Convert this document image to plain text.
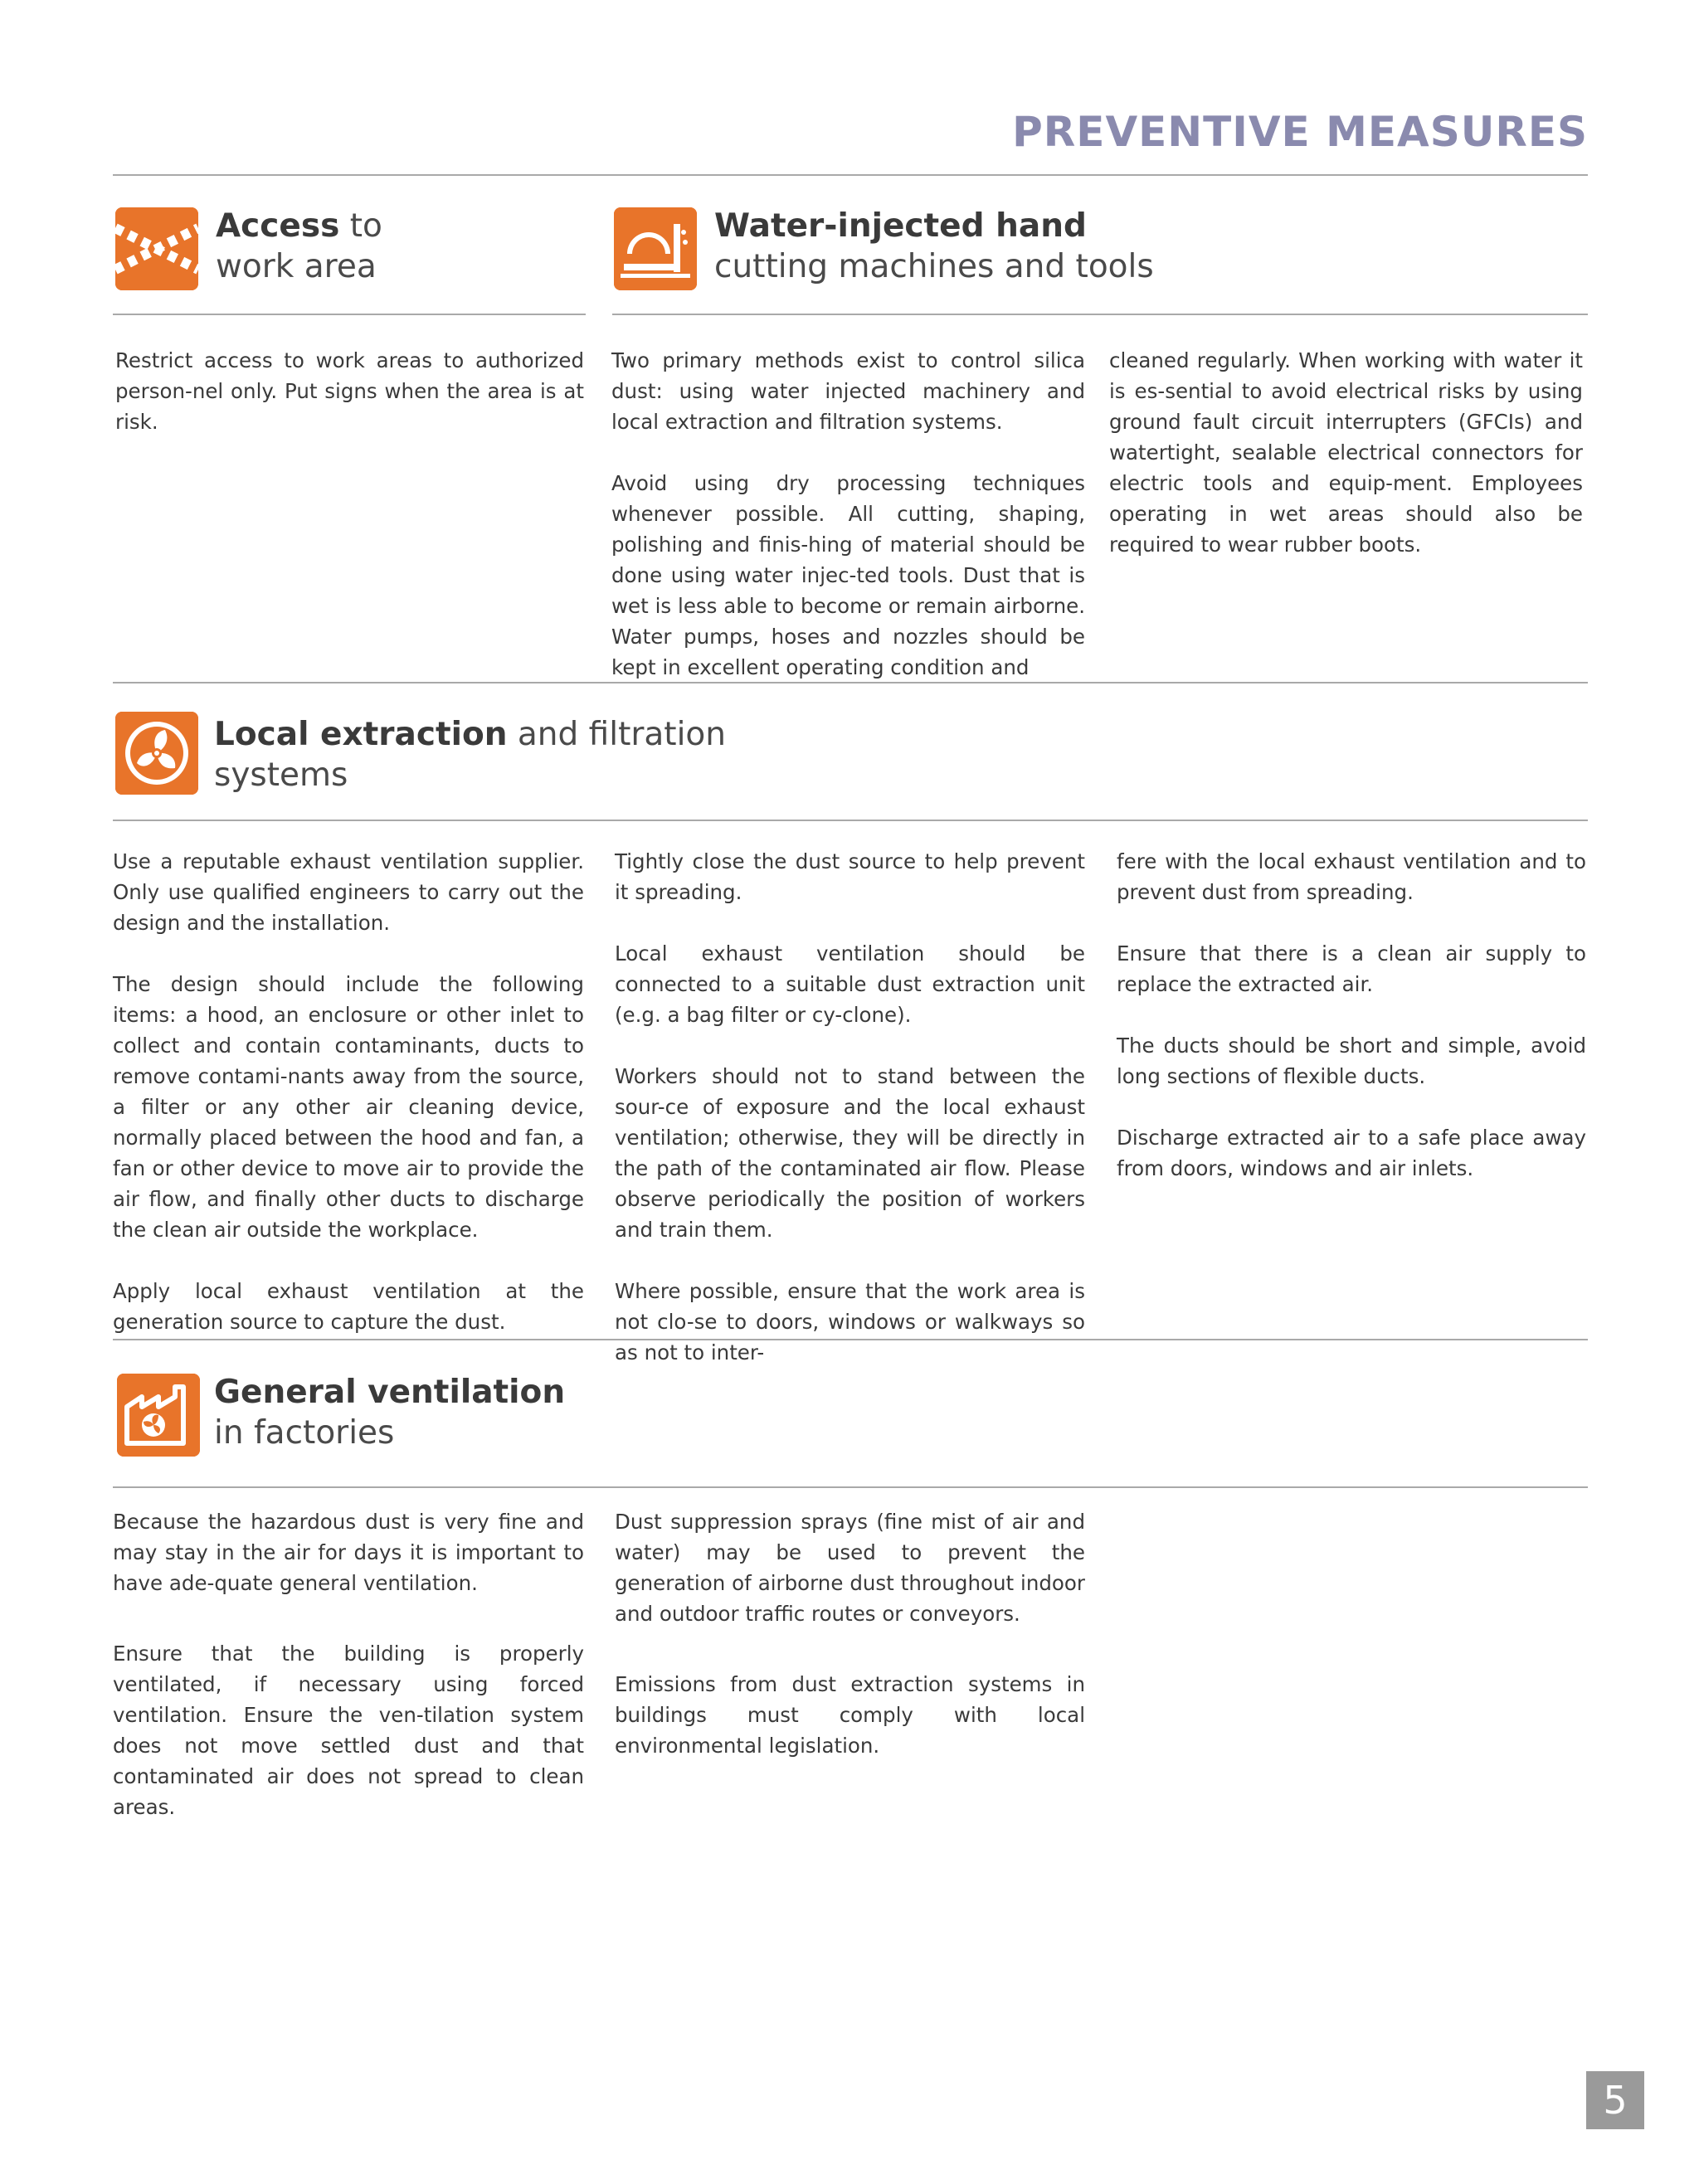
PREVENTIVE MEASURES
Access to
work area
Water-injected hand
cutting machines and tools

Restrict access to work areas to authorized person-nel only. Put signs when the area is at risk.

Two primary methods exist to control silica dust: using water injected machinery and local extraction and filtration systems.

Avoid using dry processing techniques whenever possible. All cutting, shaping, polishing and finis-hing of material should be done using water injec-ted tools. Dust that is wet is less able to become or remain airborne. Water pumps, hoses and nozzles should be kept in excellent operating condition and

cleaned regularly. When working with water it is es-sential to avoid electrical risks by using ground fault circuit interrupters (GFCIs) and watertight, sealable electrical connectors for electric tools and equip-ment. Employees operating in wet areas should also be required to wear rubber boots.

Local extraction and filtration
systems

Use a reputable exhaust ventilation supplier. Only use qualified engineers to carry out the design and the installation.

The design should include the following items: a hood, an enclosure or other inlet to collect and contain contaminants, ducts to remove contami-nants away from the source, a filter or any other air cleaning device, normally placed between the hood and fan, a fan or other device to move air to provide the air flow, and finally other ducts to discharge the clean air outside the workplace.

Apply local exhaust ventilation at the generation source to capture the dust.

Tightly close the dust source to help prevent it spreading.

Local exhaust ventilation should be connected to a suitable dust extraction unit (e.g. a bag filter or cy-clone).

Workers should not to stand between the sour-ce of exposure and the local exhaust ventilation; otherwise, they will be directly in the path of the contaminated air flow. Please observe periodically the position of workers and train them.

Where possible, ensure that the work area is not clo-se to doors, windows or walkways so as not to inter-

fere with the local exhaust ventilation and to prevent dust from spreading.

Ensure that there is a clean air supply to replace the extracted air.

The ducts should be short and simple, avoid long sections of flexible ducts.

Discharge extracted air to a safe place away from doors, windows and air inlets.

General ventilation
in factories

Because the hazardous dust is very fine and may stay in the air for days it is important to have ade-quate general ventilation.

Ensure that the building is properly ventilated, if necessary using forced ventilation. Ensure the ven-tilation system does not move settled dust and that contaminated air does not spread to clean areas.

Dust suppression sprays (fine mist of air and water) may be used to prevent the generation of airborne dust throughout indoor and outdoor traffic routes or conveyors.

Emissions from dust extraction systems in buildings must comply with local environmental legislation.

5
